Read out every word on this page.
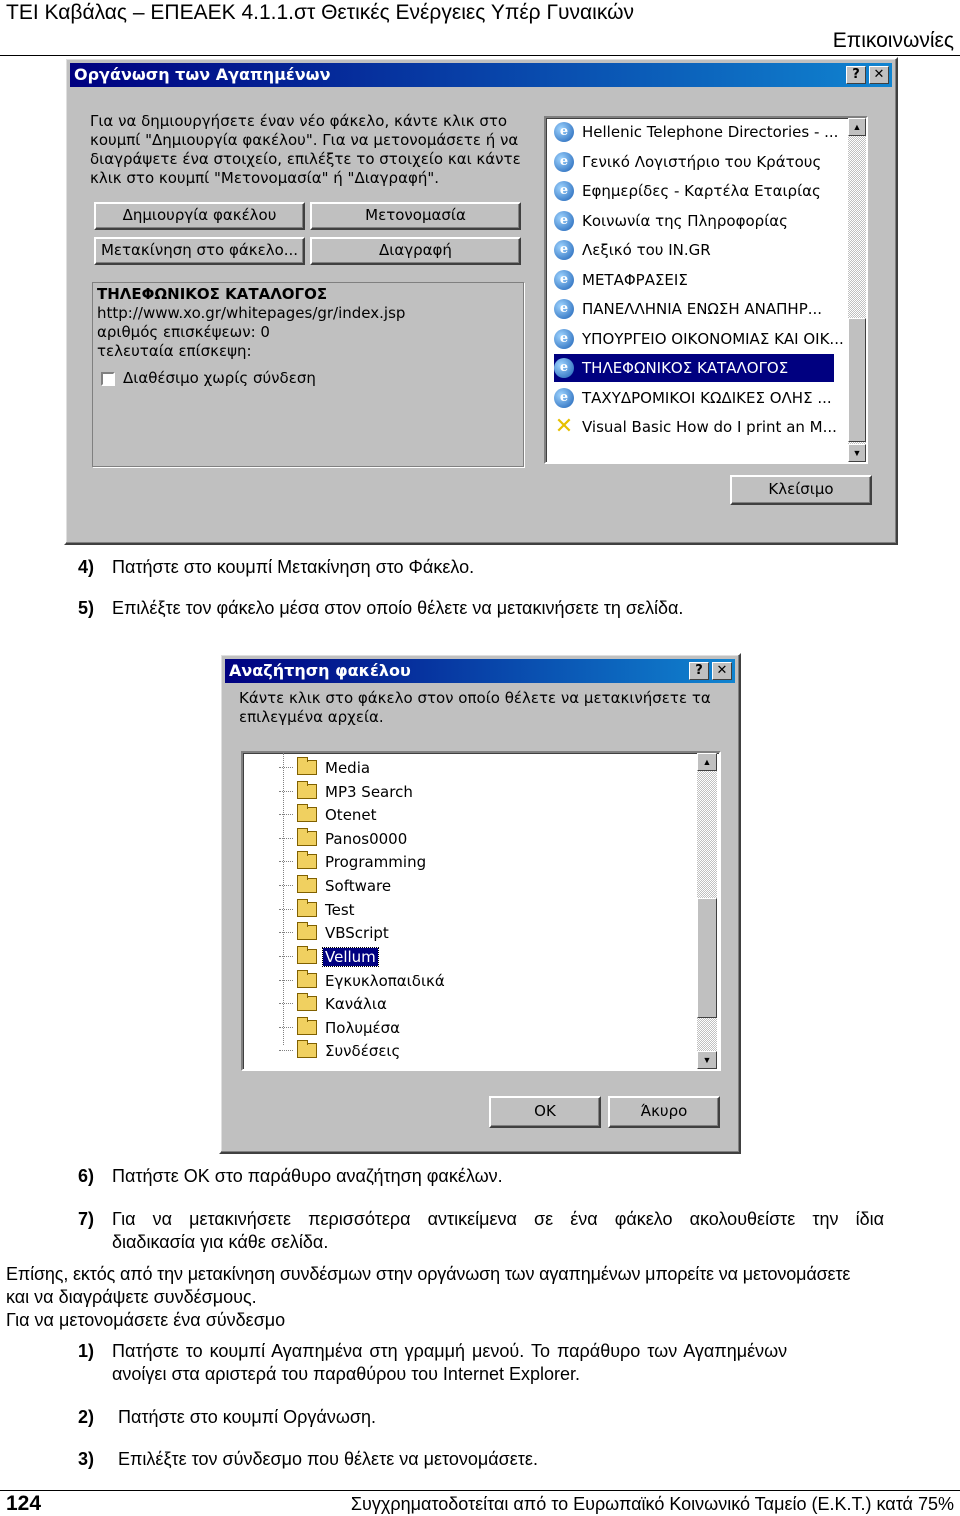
ΤΕΙ Καβάλας – ΕΠΕΑΕΚ 4.1.1.στ Θετικές Ενέργειες Υπέρ Γυναικών
Επικοινωνίες
Οργάνωση των Αγαπημένων	?	✕
Για να δημιουργήσετε έναν νέο φάκελο, κάντε κλικ στο
κουμπί "Δημιουργία φακέλου". Για να μετονομάσετε ή να
διαγράψετε ένα στοιχείο, επιλέξτε το στοιχείο και κάντε
κλικ στο κουμπί "Μετονομασία" ή "Διαγραφή".
Δημιουργία φακέλου	Μετονομασία
Μετακίνηση στο φάκελο...	Διαγραφή
ΤΗΛΕΦΩΝΙΚΟΣ ΚΑΤΑΛΟΓΟΣ
http://www.xo.gr/whitepages/gr/index.jsp
αριθμός επισκέψεων: 0
τελευταία επίσκεψη:
Διαθέσιμο χωρίς σύνδεση
e Hellenic Telephone Directories - ...
e Γενικό Λογιστήριο του Κράτους
e Εφημερίδες - Καρτέλα Εταιρίας
e Κοινωνία της Πληροφορίας
e Λεξικό του IN.GR
e ΜΕΤΑΦΡΑΣΕΙΣ
e ΠΑΝΕΛΛΗΝΙΑ ΕΝΩΣΗ ΑΝΑΠΗΡ...
e ΥΠΟΥΡΓΕΙΟ ΟΙΚΟΝΟΜΙΑΣ ΚΑΙ ΟΙΚ...
e ΤΗΛΕΦΩΝΙΚΟΣ ΚΑΤΑΛΟΓΟΣ
e ΤΑΧΥΔΡΟΜΙΚΟΙ ΚΩΔΙΚΕΣ ΟΛΗΣ ...
✕ Visual Basic How do I print an M...
▲
▼
Κλείσιμο
4) Πατήστε στο κουμπί Μετακίνηση στο Φάκελο.
5) Επιλέξτε τον φάκελο μέσα στον οποίο θέλετε να μετακινήσετε τη σελίδα.
Αναζήτηση φακέλου	?	✕
Κάντε κλικ στο φάκελο στον οποίο θέλετε να μετακινήσετε τα
επιλεγμένα αρχεία.
Media
MP3 Search
Otenet
Panos0000
Programming
Software
Test
VBScript
Vellum
Εγκυκλοπαιδικά
Κανάλια
Πολυμέσα
Συνδέσεις
▲
▼
OK	Άκυρο
6) Πατήστε OK στο παράθυρο αναζήτηση φακέλων.
7) Για να μετακινήσετε περισσότερα αντικείμενα σε ένα φάκελο ακολουθείστε την ίδια
διαδικασία για κάθε σελίδα.
Επίσης, εκτός από την μετακίνηση συνδέσμων στην οργάνωση των αγαπημένων μπορείτε να μετονομάσετε
και να διαγράψετε συνδέσμους.
Για να μετονομάσετε ένα σύνδεσμο
1) Πατήστε το κουμπί Αγαπημένα στη γραμμή μενού. Το παράθυρο των Αγαπημένων
ανοίγει στα αριστερά του παραθύρου του Internet Explorer.
2) Πατήστε στο κουμπί Οργάνωση.
3) Επιλέξτε τον σύνδεσμο που θέλετε να μετονομάσετε.
124	Συγχρηματοδοτείται από το Ευρωπαϊκό Κοινωνικό Ταμείο (Ε.Κ.Τ.) κατά 75%
